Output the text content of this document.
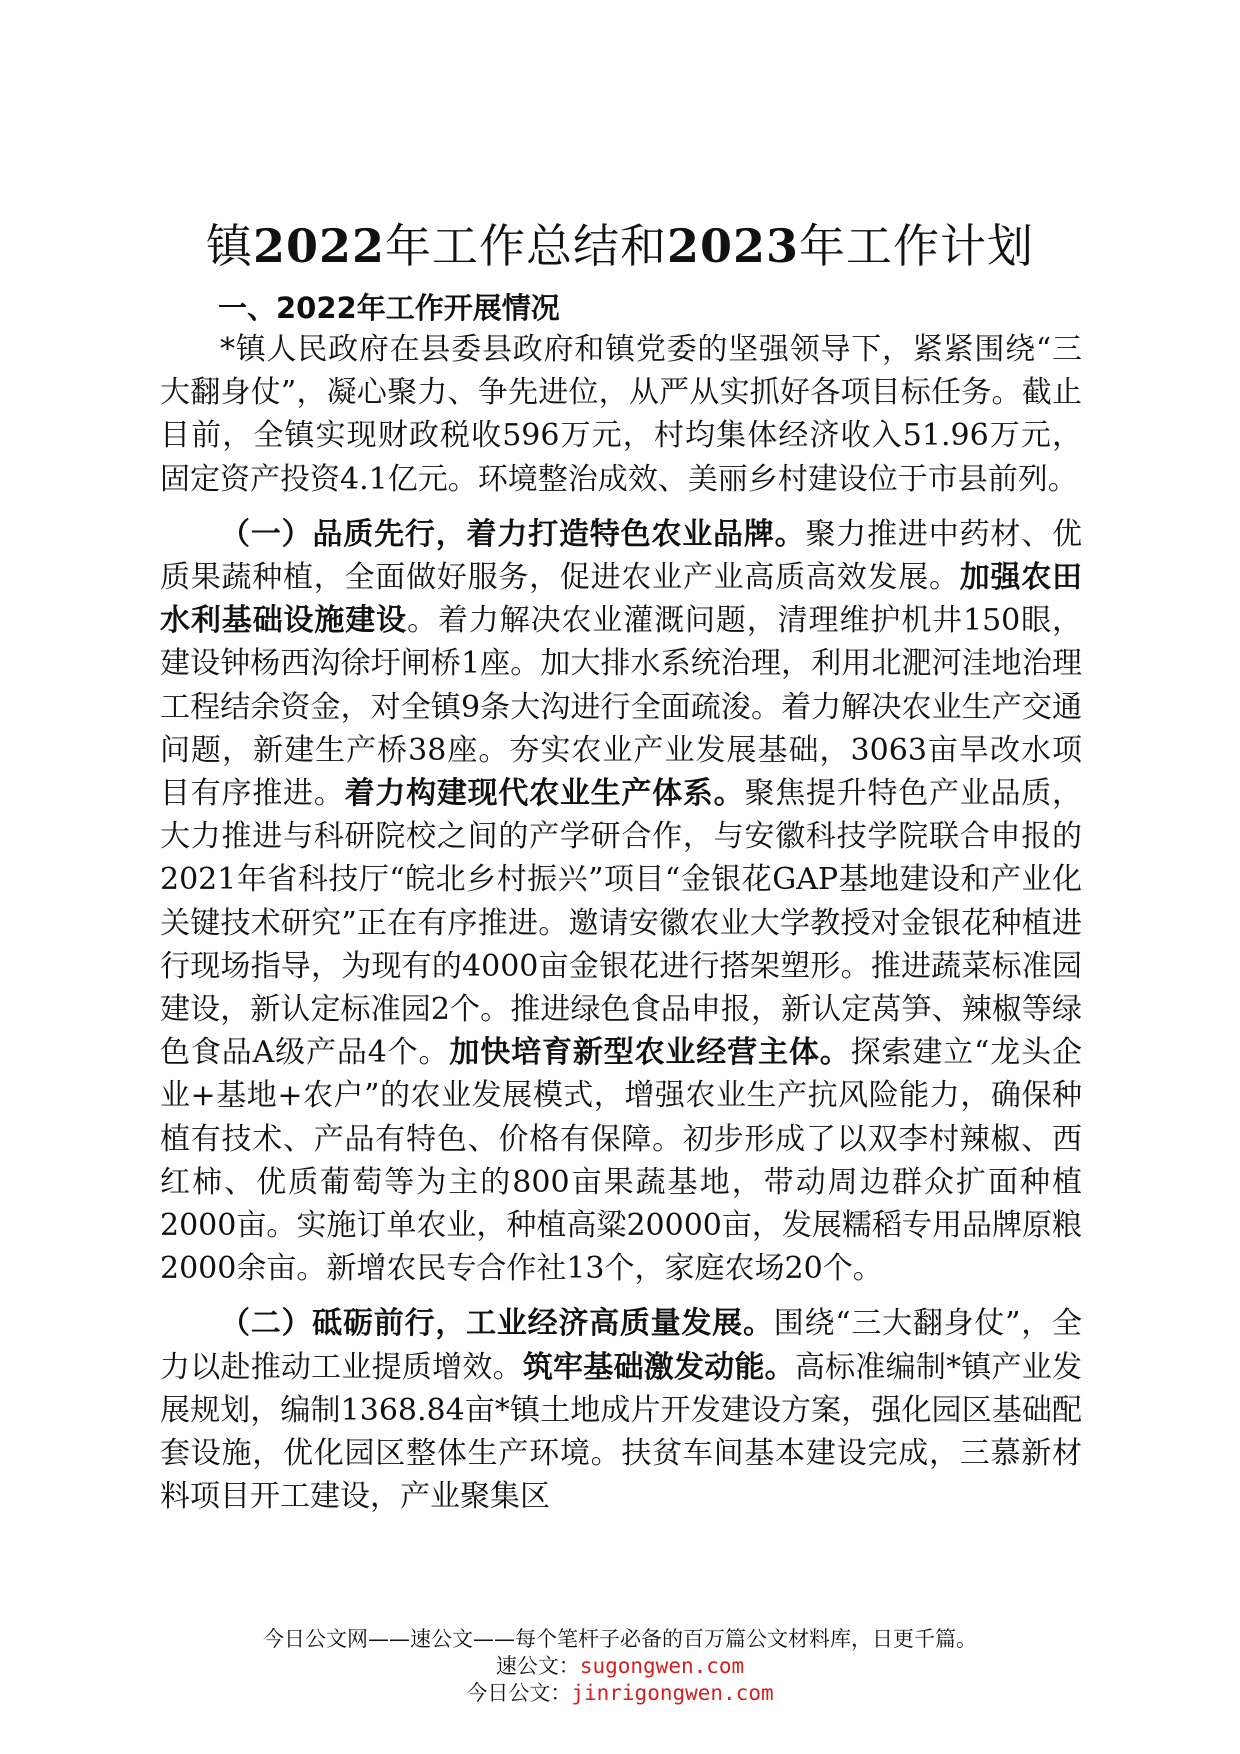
镇2022年工作总结和2023年工作计划

一、2022年工作开展情况

*镇人民政府在县委县政府和镇党委的坚强领导下，紧紧围绕“三大翻身仗”，凝心聚力、争先进位，从严从实抓好各项目标任务。截止目前，全镇实现财政税收596万元，村均集体经济收入51.96万元，固定资产投资4.1亿元。环境整治成效、美丽乡村建设位于市县前列。

（一）品质先行，着力打造特色农业品牌。聚力推进中药材、优质果蔬种植，全面做好服务，促进农业产业高质高效发展。加强农田水利基础设施建设。着力解决农业灌溉问题，清理维护机井150眼，建设钟杨西沟徐圩闸桥1座。加大排水系统治理，利用北淝河洼地治理工程结余资金，对全镇9条大沟进行全面疏浚。着力解决农业生产交通问题，新建生产桥38座。夯实农业产业发展基础，3063亩旱改水项目有序推进。着力构建现代农业生产体系。聚焦提升特色产业品质，大力推进与科研院校之间的产学研合作，与安徽科技学院联合申报的2021年省科技厅“皖北乡村振兴”项目“金银花GAP基地建设和产业化关键技术研究”正在有序推进。邀请安徽农业大学教授对金银花种植进行现场指导，为现有的4000亩金银花进行搭架塑形。推进蔬菜标准园建设，新认定标准园2个。推进绿色食品申报，新认定莴笋、辣椒等绿色食品A级产品4个。加快培育新型农业经营主体。探索建立“龙头企业+基地+农户”的农业发展模式，增强农业生产抗风险能力，确保种植有技术、产品有特色、价格有保障。初步形成了以双李村辣椒、西红柿、优质葡萄等为主的800亩果蔬基地，带动周边群众扩面种植2000亩。实施订单农业，种植高粱20000亩，发展糯稻专用品牌原粮2000余亩。新增农民专合作社13个，家庭农场20个。

（二）砥砺前行，工业经济高质量发展。围绕“三大翻身仗”，全力以赴推动工业提质增效。筑牢基础激发动能。高标准编制*镇产业发展规划，编制1368.84亩*镇土地成片开发建设方案，强化园区基础配套设施，优化园区整体生产环境。扶贫车间基本建设完成，三慕新材料项目开工建设，产业聚集区

今日公文网——速公文——每个笔杆子必备的百万篇公文材料库，日更千篇。
速公文：sugongwen.com
今日公文：jinrigongwen.com
